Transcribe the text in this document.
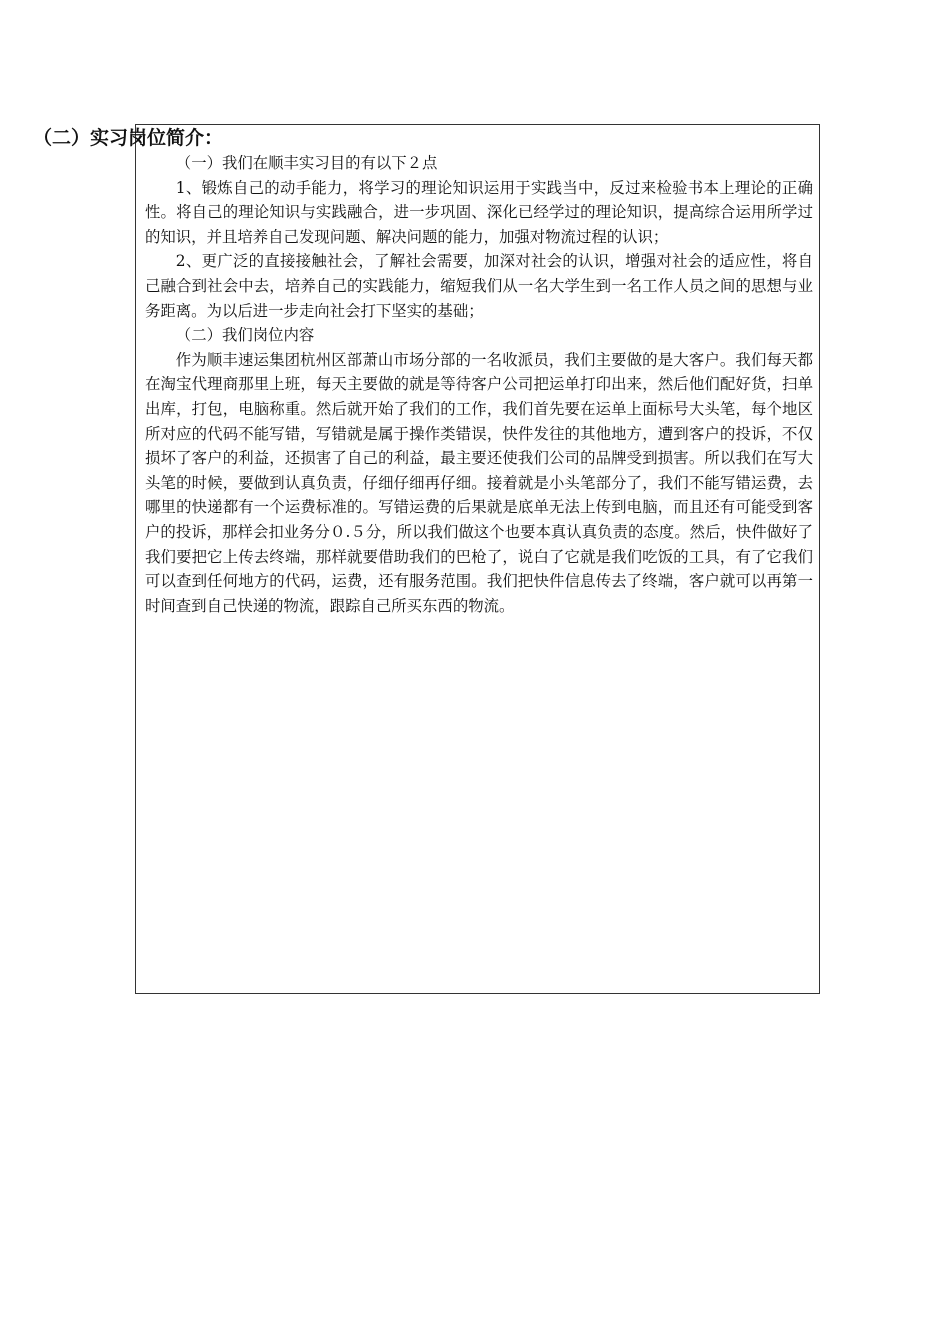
（二）实习岗位简介：

（一）我们在顺丰实习目的有以下２点

1、锻炼自己的动手能力，将学习的理论知识运用于实践当中，反过来检验书本上理论的正确性。将自己的理论知识与实践融合，进一步巩固、深化已经学过的理论知识，提高综合运用所学过的知识，并且培养自己发现问题、解决问题的能力，加强对物流过程的认识；

2、更广泛的直接接触社会，了解社会需要，加深对社会的认识，增强对社会的适应性，将自己融合到社会中去，培养自己的实践能力，缩短我们从一名大学生到一名工作人员之间的思想与业务距离。为以后进一步走向社会打下坚实的基础；

（二）我们岗位内容

作为顺丰速运集团杭州区部萧山市场分部的一名收派员，我们主要做的是大客户。我们每天都在淘宝代理商那里上班，每天主要做的就是等待客户公司把运单打印出来，然后他们配好货，扫单出库，打包，电脑称重。然后就开始了我们的工作，我们首先要在运单上面标号大头笔，每个地区所对应的代码不能写错，写错就是属于操作类错误，快件发往的其他地方，遭到客户的投诉，不仅损坏了客户的利益，还损害了自己的利益，最主要还使我们公司的品牌受到损害。所以我们在写大头笔的时候，要做到认真负责，仔细仔细再仔细。接着就是小头笔部分了，我们不能写错运费，去哪里的快递都有一个运费标准的。写错运费的后果就是底单无法上传到电脑，而且还有可能受到客户的投诉，那样会扣业务分０.５分，所以我们做这个也要本真认真负责的态度。然后，快件做好了我们要把它上传去终端，那样就要借助我们的巴枪了，说白了它就是我们吃饭的工具，有了它我们可以查到任何地方的代码，运费，还有服务范围。我们把快件信息传去了终端，客户就可以再第一时间查到自己快递的物流，跟踪自己所买东西的物流。
